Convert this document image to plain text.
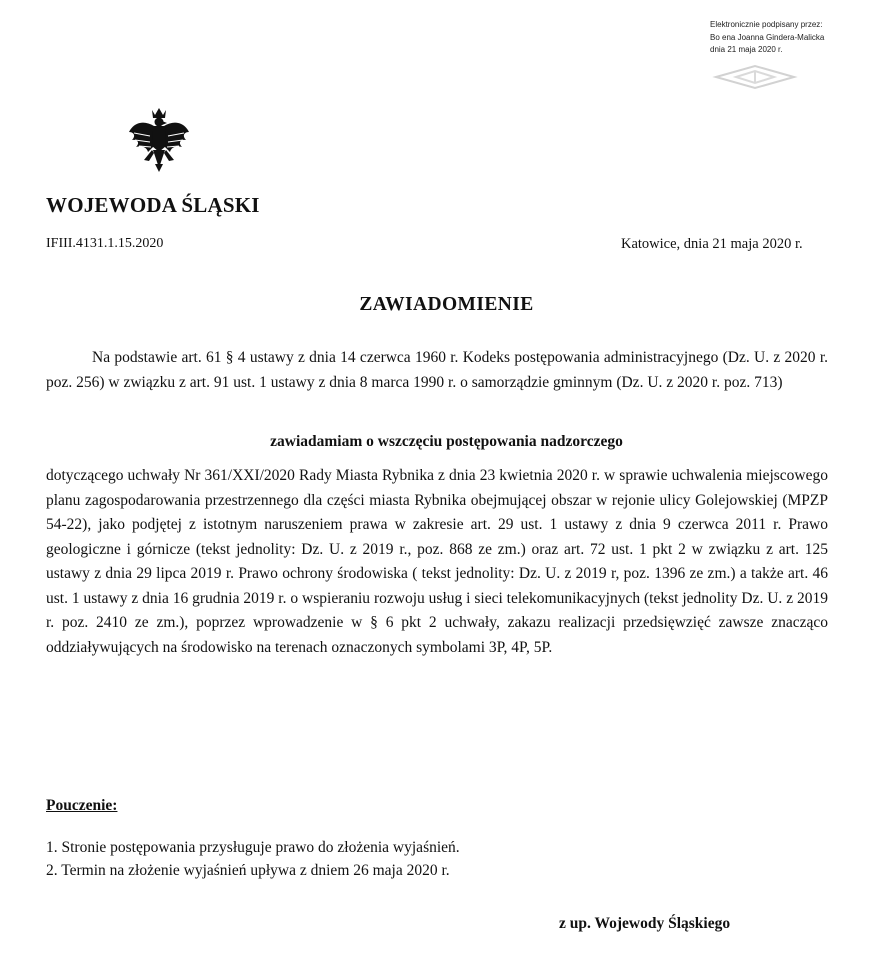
Elektronicznie podpisany przez:
Bo ena Joanna Gindera-Malicka
dnia 21 maja 2020 r.
WOJEWODA ŚLĄSKI
IFIII.4131.1.15.2020	Katowice, dnia 21 maja 2020 r.
ZAWIADOMIENIE

Na podstawie art. 61 § 4 ustawy z dnia 14 czerwca 1960 r. Kodeks postępowania administracyjnego (Dz. U. z 2020 r. poz. 256) w związku z art. 91 ust. 1 ustawy z dnia 8 marca 1990 r. o samorządzie gminnym (Dz. U. z 2020 r. poz. 713)

zawiadamiam o wszczęciu postępowania nadzorczego

dotyczącego uchwały Nr 361/XXI/2020 Rady Miasta Rybnika z dnia 23 kwietnia 2020 r. w sprawie uchwalenia miejscowego planu zagospodarowania przestrzennego dla części miasta Rybnika obejmującej obszar w rejonie ulicy Golejowskiej (MPZP 54-22), jako podjętej z istotnym naruszeniem prawa w zakresie art. 29 ust. 1 ustawy z dnia 9 czerwca 2011 r. Prawo geologiczne i górnicze (tekst jednolity: Dz. U. z 2019 r., poz. 868 ze zm.) oraz art. 72 ust. 1 pkt 2 w związku z art. 125 ustawy z dnia 29 lipca 2019 r. Prawo ochrony środowiska ( tekst jednolity: Dz. U. z 2019 r, poz. 1396 ze zm.) a także art. 46 ust. 1 ustawy z dnia 16 grudnia 2019 r. o wspieraniu rozwoju usług i sieci telekomunikacyjnych (tekst jednolity Dz. U. z 2019 r. poz. 2410 ze zm.), poprzez wprowadzenie w § 6 pkt 2 uchwały, zakazu realizacji przedsięwzięć zawsze znacząco oddziaływujących na środowisko na terenach oznaczonych symbolami 3P, 4P, 5P.

Pouczenie:
1. Stronie postępowania przysługuje prawo do złożenia wyjaśnień.
2. Termin na złożenie wyjaśnień upływa z dniem 26 maja 2020 r.
z up. Wojewody Śląskiego
